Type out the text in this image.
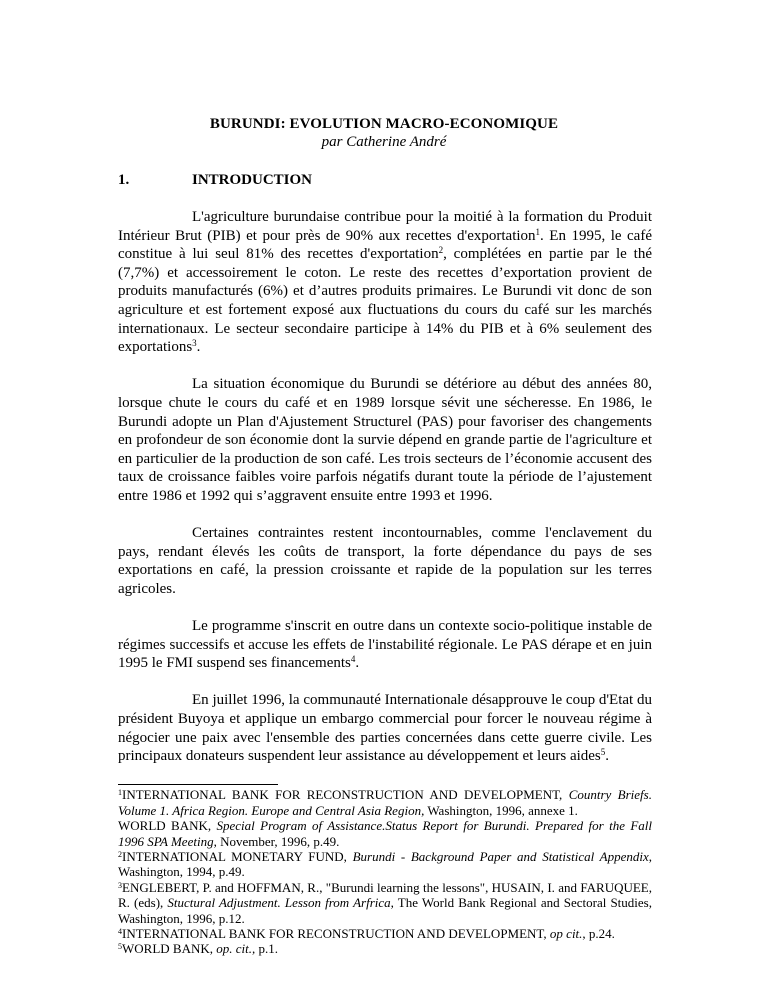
BURUNDI: EVOLUTION MACRO-ECONOMIQUE
par Catherine André
1.	INTRODUCTION

L'agriculture burundaise contribue pour la moitié à la formation du Produit Intérieur Brut (PIB) et pour près de 90% aux recettes d'exportation$^1$. En 1995, le café constitue à lui seul 81% des recettes d'exportation$^2$, complétées en partie par le thé (7,7%) et accessoirement le coton. Le reste des recettes d’exportation provient de produits manufacturés (6%) et d’autres produits primaires. Le Burundi vit donc de son agriculture et est fortement exposé aux fluctuations du cours du café sur les marchés internationaux. Le secteur secondaire participe à 14% du PIB et à 6% seulement des exportations$^3$.

La situation économique du Burundi se détériore au début des années 80, lorsque chute le cours du café et en 1989 lorsque sévit une sécheresse. En 1986, le Burundi adopte un Plan d'Ajustement Structurel (PAS) pour favoriser des changements en profondeur de son économie dont la survie dépend en grande partie de l'agriculture et en particulier de la production de son café. Les trois secteurs de l’économie accusent des taux de croissance faibles voire parfois négatifs durant toute la période de l’ajustement entre 1986 et 1992 qui s’aggravent ensuite entre 1993 et 1996.

Certaines contraintes restent incontournables, comme l'enclavement du pays, rendant élevés les coûts de transport, la forte dépendance du pays de ses exportations en café, la pression croissante et rapide de la population sur les terres agricoles.

Le programme s'inscrit en outre dans un contexte socio-politique instable de régimes successifs et accuse les effets de l'instabilité régionale. Le PAS dérape et en juin 1995 le FMI suspend ses financements$^4$.

En juillet 1996, la communauté Internationale désapprouve le coup d'Etat du président Buyoya et applique un embargo commercial pour forcer le nouveau régime à négocier une paix avec l'ensemble des parties concernées dans cette guerre civile. Les principaux donateurs suspendent leur assistance au développement et leurs aides$^5$.

$^1$INTERNATIONAL BANK FOR RECONSTRUCTION AND DEVELOPMENT, Country Briefs. Volume 1. Africa Region. Europe and Central Asia Region, Washington, 1996, annexe 1.

WORLD BANK, Special Program of Assistance.Status Report for Burundi. Prepared for the Fall 1996 SPA Meeting, November, 1996, p.49.

$^2$INTERNATIONAL MONETARY FUND, Burundi - Background Paper and Statistical Appendix, Washington, 1994, p.49.

$^3$ENGLEBERT, P. and HOFFMAN, R., "Burundi learning the lessons", HUSAIN, I. and FARUQUEE, R. (eds), Stuctural Adjustment. Lesson from Arfrica, The World Bank Regional and Sectoral Studies, Washington, 1996, p.12.

$^4$INTERNATIONAL BANK FOR RECONSTRUCTION AND DEVELOPMENT, op cit., p.24.

$^5$WORLD BANK, op. cit., p.1.
